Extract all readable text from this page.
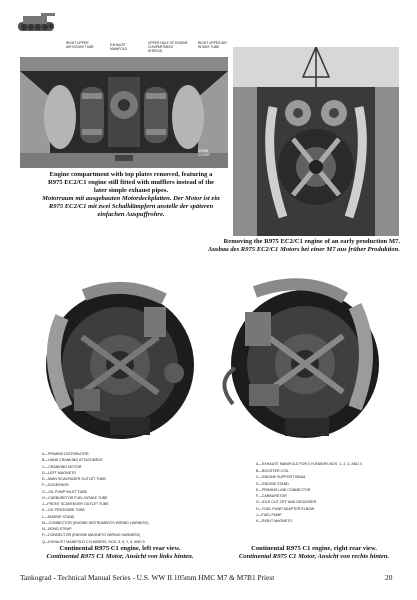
RIGHT UPPER AIR INTAKE TUBE	EXHAUST MANIFOLD
UPPER HALF OF ENGINE COMPARTMENT SHROUD
RIGHT UPPER AIR INTAKE TUBE
DRAIN COVER
Engine compartment with top plates removed, featuring a R975 EC2/C1 engine still fitted with mufflers instead of the later simple exhaust pipes.
Motorraum mit ausgebauten Motordeckplatten. Der Motor ist ein R975 EC2/C1 mit zwei Schalldämpfern anstelle der späteren einfachen Auspuffrohre.
Removing the R975 EC2/C1 engine of an early production M7.
Ausbau des R975 EC2/C1 Motors bei einer M7 aus früher Produktion.
A—PRIMING DISTRIBUTOR
B—HAND CRANKING ATTACHMENT
C—CRANKING MOTOR
D—LEFT MAGNETO
E—MAIN SCAVENGER OUTLET TUBE
F—GOVERNOR
G—OIL PUMP INLET TUBE
H—CARBURETOR FUEL INTAKE TUBE
J—FRONT SCAVENGER OUTLET TUBE
K—OIL PRESSURE TUBE
L—ENGINE STAND
M—CONNECTOR (ENGINE INSTRUMENTS WIRING HARNESS)
N—BOND STRAP
P—CONNECTOR (ENGINE MAGNETO WIRING HARNESS)
Q—EXHAUST MANIFOLD CYLINDERS, NOS. 5, 6, 7, 8, AND 9
A—EXHAUST MANIFOLD FOR CYLINDERS NOS. 1, 2, 3, AND 4
B—BOOSTER COIL
C—ENGINE SUPPORT BEAM
D—ENGINE STAND
E—PRIMING LINE CONNECTOR
F—CARBURETOR
G—IDLE CUT-OFF AND DEGASSER
H—FUEL PUMP ADAPTER ELBOW
J—FUEL PUMP
K—RIGHT MAGNETO
Continental R975 C1 engine, left rear view.
Continental R975 C1 Motor, Ansicht von links hinten.
Continental R975 C1 engine, right rear view.
Continental R975 C1 Motor, Ansicht von rechts hinten.
Tankograd - Technical Manual Series - U.S. WW II 105mm HMC M7 & M7B1 Priest	20
